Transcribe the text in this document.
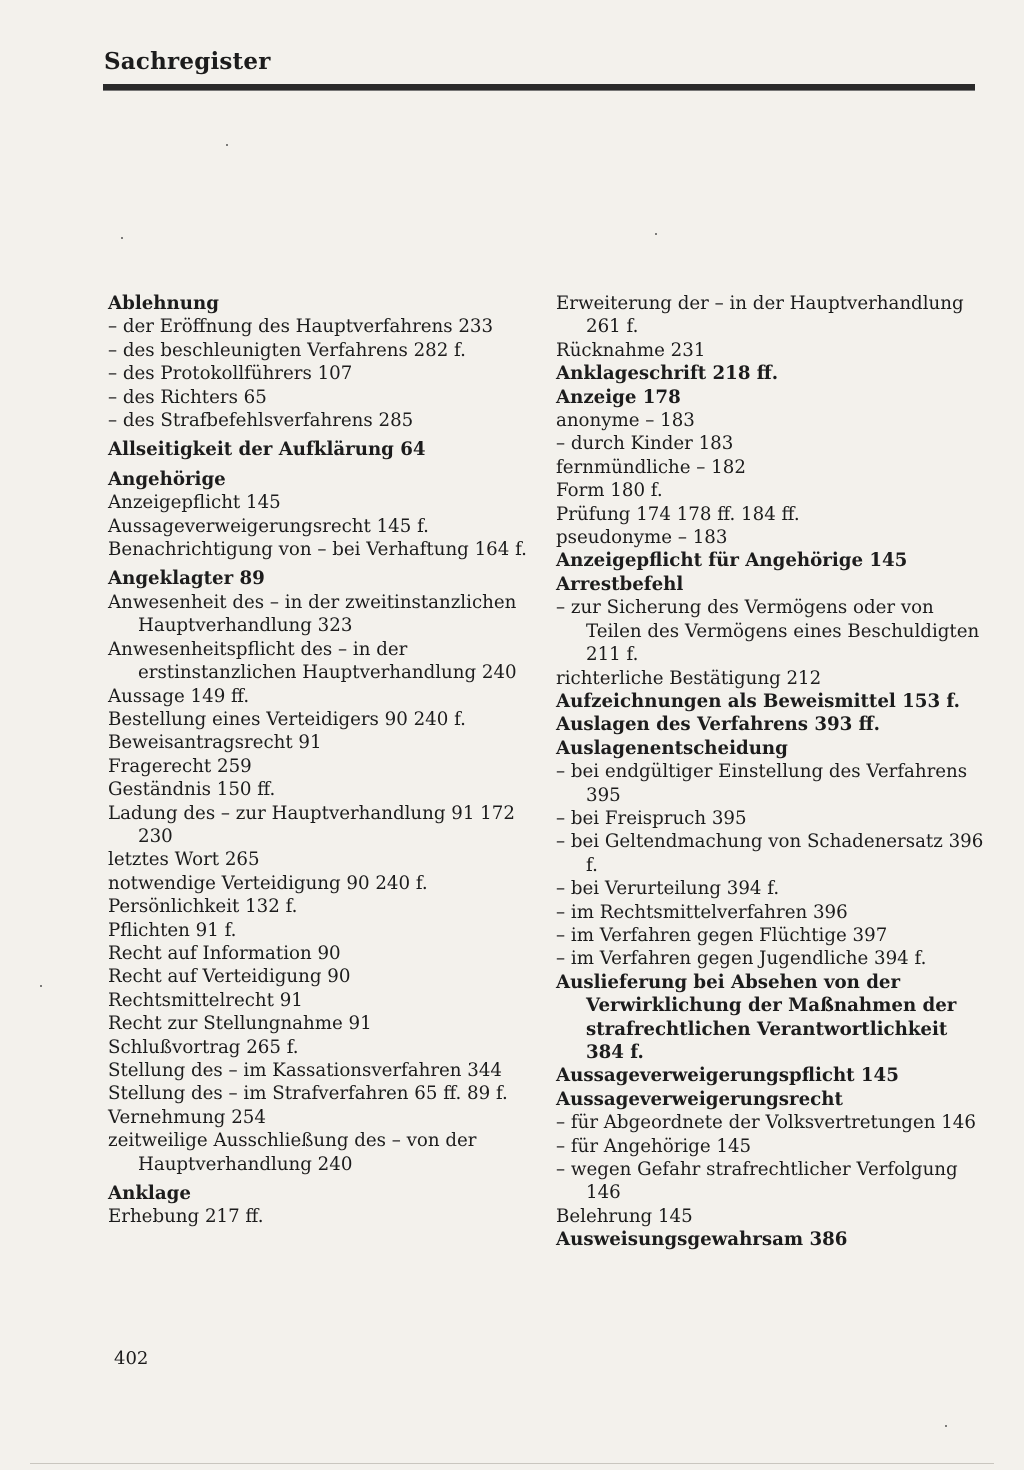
Sachregister
Ablehnung
– der Eröffnung des Hauptverfahrens 233
– des beschleunigten Verfahrens 282 f.
– des Protokollführers 107
– des Richters 65
– des Strafbefehlsverfahrens 285
Allseitigkeit der Aufklärung 64
Angehörige
Anzeigepflicht 145
Aussageverweigerungsrecht 145 f.
Benachrichtigung von – bei Verhaftung 164 f.
Angeklagter 89
Anwesenheit des – in der zweitinstanzlichen Hauptverhandlung 323
Anwesenheitspflicht des – in der erstinstanzlichen Hauptverhandlung 240
Aussage 149 ff.
Bestellung eines Verteidigers 90 240 f.
Beweisantragsrecht 91
Fragerecht 259
Geständnis 150 ff.
Ladung des – zur Hauptverhandlung 91 172 230
letztes Wort 265
notwendige Verteidigung 90 240 f.
Persönlichkeit 132 f.
Pflichten 91 f.
Recht auf Information 90
Recht auf Verteidigung 90
Rechtsmittelrecht 91
Recht zur Stellungnahme 91
Schlußvortrag 265 f.
Stellung des – im Kassationsverfahren 344
Stellung des – im Strafverfahren 65 ff. 89 f.
Vernehmung 254
zeitweilige Ausschließung des – von der Hauptverhandlung 240
Anklage
Erhebung 217 ff.
Erweiterung der – in der Hauptverhandlung 261 f.
Rücknahme 231
Anklageschrift 218 ff.
Anzeige 178
anonyme – 183
– durch Kinder 183
fernmündliche – 182
Form 180 f.
Prüfung 174 178 ff. 184 ff.
pseudonyme – 183
Anzeigepflicht für Angehörige 145
Arrestbefehl
– zur Sicherung des Vermögens oder von Teilen des Vermögens eines Beschuldigten 211 f.
richterliche Bestätigung 212
Aufzeichnungen als Beweismittel 153 f.
Auslagen des Verfahrens 393 ff.
Auslagenentscheidung
– bei endgültiger Einstellung des Verfahrens 395
– bei Freispruch 395
– bei Geltendmachung von Schadenersatz 396 f.
– bei Verurteilung 394 f.
– im Rechtsmittelverfahren 396
– im Verfahren gegen Flüchtige 397
– im Verfahren gegen Jugendliche 394 f.
Auslieferung bei Absehen von der Verwirklichung der Maßnahmen der strafrechtlichen Verantwortlichkeit 384 f.
Aussageverweigerungspflicht 145
Aussageverweigerungsrecht
– für Abgeordnete der Volksvertretungen 146
– für Angehörige 145
– wegen Gefahr strafrechtlicher Verfolgung 146
Belehrung 145
Ausweisungsgewahrsam 386
402
